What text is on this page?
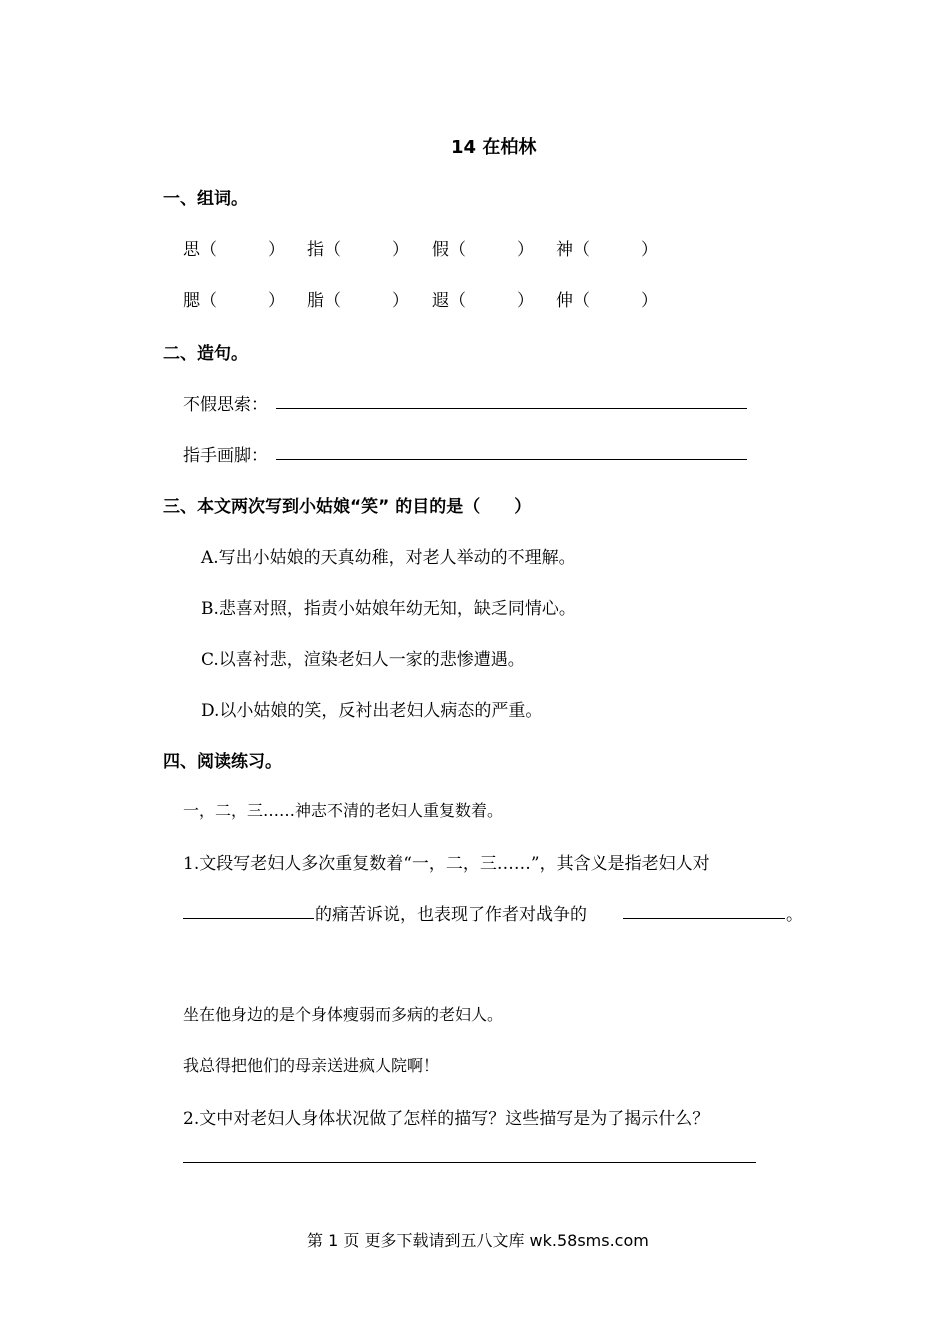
14 在柏林
一、组词。
思（　　　） 指（　　　） 假（　　　） 神（　　　）
腮（　　　） 脂（　　　） 遐（　　　） 伸（　　　）
二、造句。
不假思索：
指手画脚：
三、本文两次写到小姑娘“笑” 的目的是（　　）
A.写出小姑娘的天真幼稚，对老人举动的不理解。
B.悲喜对照，指责小姑娘年幼无知，缺乏同情心。
C.以喜衬悲，渲染老妇人一家的悲惨遭遇。
D.以小姑娘的笑，反衬出老妇人病态的严重。
四、阅读练习。
一，二，三……神志不清的老妇人重复数着。
1.文段写老妇人多次重复数着“一，二，三……”，其含义是指老妇人对
的痛苦诉说，也表现了作者对战争的	。
坐在他身边的是个身体瘦弱而多病的老妇人。
我总得把他们的母亲送进疯人院啊！
2.文中对老妇人身体状况做了怎样的描写？这些描写是为了揭示什么？
第 1 页 更多下载请到五八文库 wk.58sms.com
